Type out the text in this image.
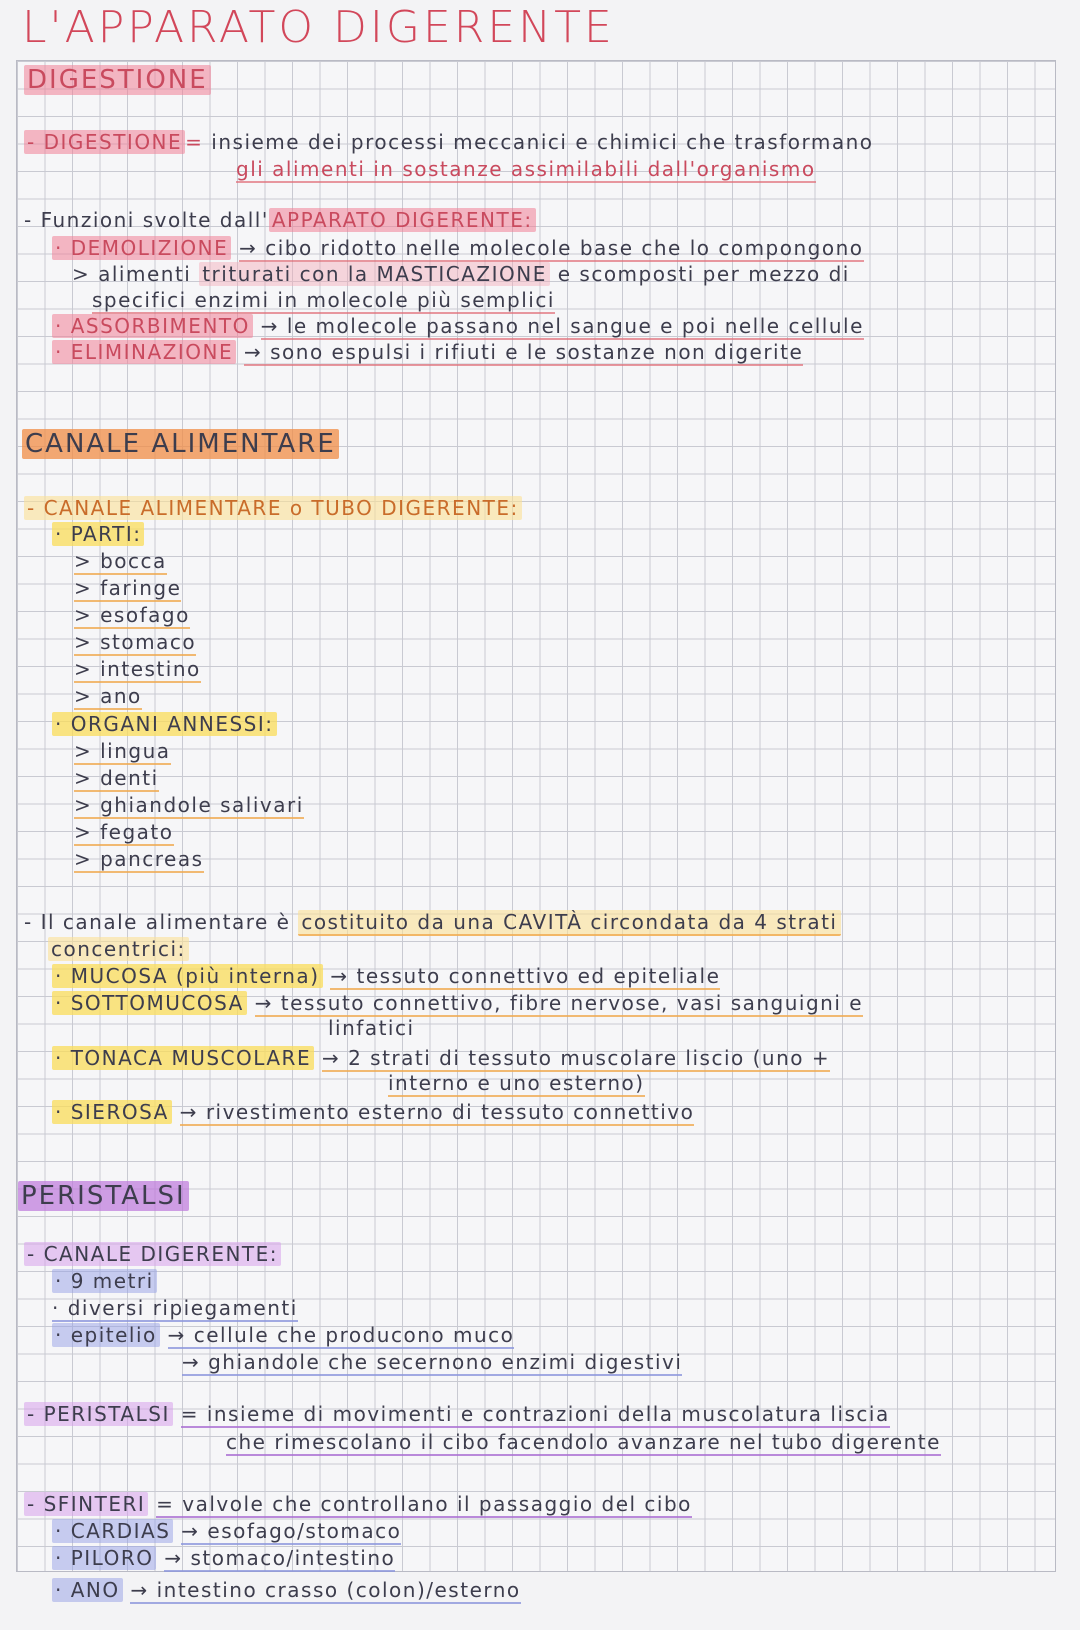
L'APPARATO DIGERENTE
DIGESTIONE
- DIGESTIONE = insieme dei processi meccanici e chimici che trasformano
gli alimenti in sostanze assimilabili dall'organismo
- Funzioni svolte dall' APPARATO DIGERENTE:
· DEMOLIZIONE → cibo ridotto nelle molecole base che lo compongono
> alimenti triturati con la MASTICAZIONE e scomposti per mezzo di
specifici enzimi in molecole più semplici
· ASSORBIMENTO → le molecole passano nel sangue e poi nelle cellule
· ELIMINAZIONE → sono espulsi i rifiuti e le sostanze non digerite
CANALE ALIMENTARE
- CANALE ALIMENTARE o TUBO DIGERENTE:
· PARTI:
> bocca
> faringe
> esofago
> stomaco
> intestino
> ano
· ORGANI ANNESSI:
> lingua
> denti
> ghiandole salivari
> fegato
> pancreas
- Il canale alimentare è costituito da una CAVITÀ circondata da 4 strati
concentrici:
· MUCOSA (più interna) → tessuto connettivo ed epiteliale
· SOTTOMUCOSA → tessuto connettivo, fibre nervose, vasi sanguigni e
linfatici
· TONACA MUSCOLARE → 2 strati di tessuto muscolare liscio (uno +
interno e uno esterno)
· SIEROSA → rivestimento esterno di tessuto connettivo
PERISTALSI
- CANALE DIGERENTE:
· 9 metri
· diversi ripiegamenti
· epitelio → cellule che producono muco
→ ghiandole che secernono enzimi digestivi
- PERISTALSI = insieme di movimenti e contrazioni della muscolatura liscia
che rimescolano il cibo facendolo avanzare nel tubo digerente
- SFINTERI = valvole che controllano il passaggio del cibo
· CARDIAS → esofago/stomaco
· PILORO → stomaco/intestino
· ANO → intestino crasso (colon)/esterno
